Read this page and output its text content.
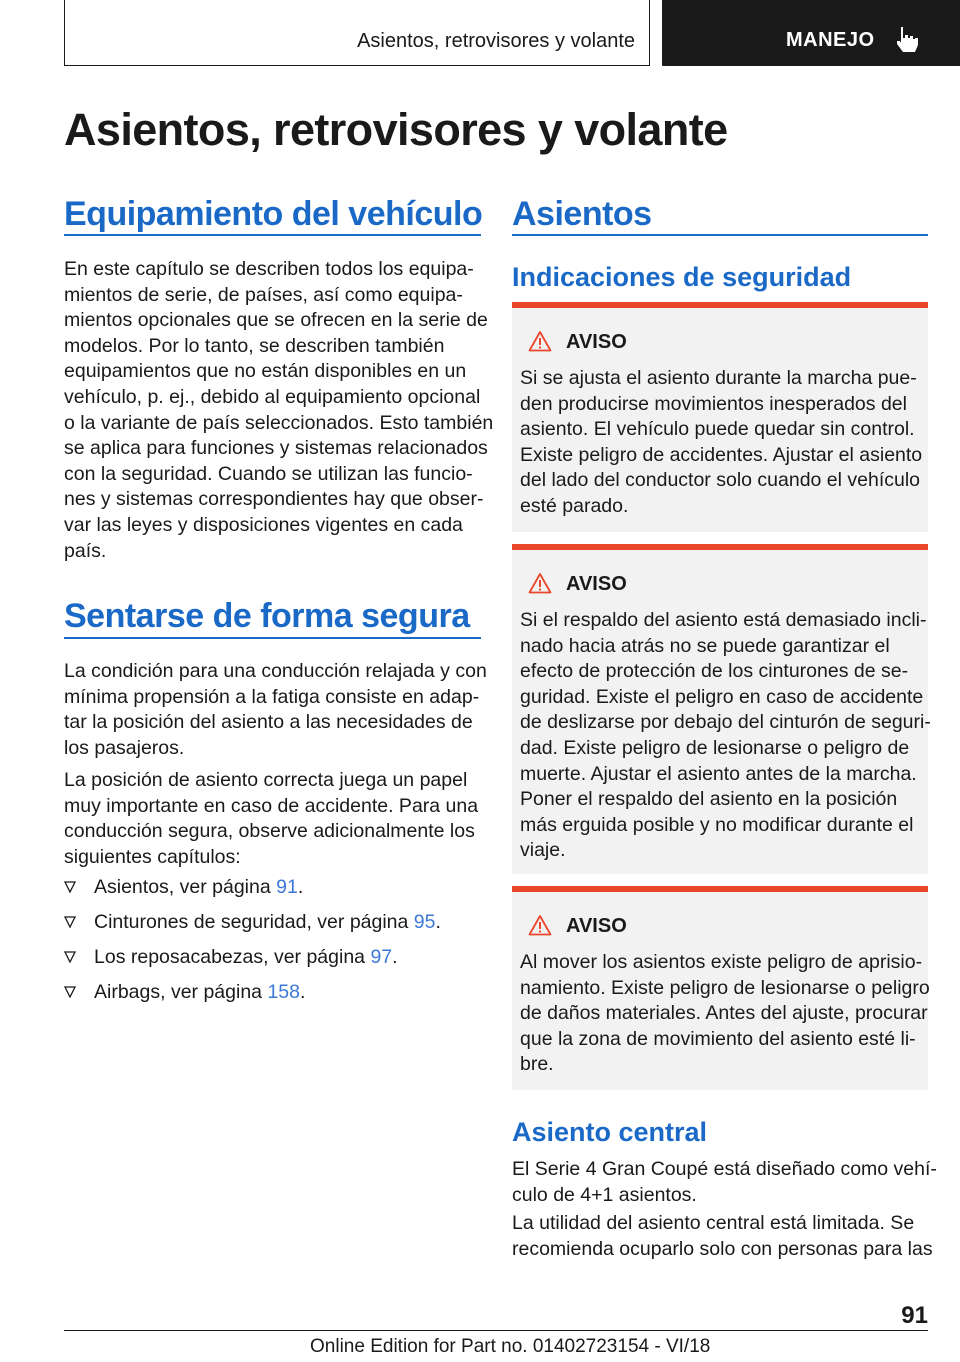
Asientos, retrovisores y volante	MANEJO
Asientos, retrovisores y volante
Equipamiento del vehículo
En este capítulo se describen todos los equipa‐
mientos de serie, de países, así como equipa‐
mientos opcionales que se ofrecen en la serie de
modelos. Por lo tanto, se describen también
equipamientos que no están disponibles en un
vehículo, p. ej., debido al equipamiento opcional
o la variante de país seleccionados. Esto también
se aplica para funciones y sistemas relacionados
con la seguridad. Cuando se utilizan las funcio‐
nes y sistemas correspondientes hay que obser‐
var las leyes y disposiciones vigentes en cada
país.
Sentarse de forma segura
La condición para una conducción relajada y con
mínima propensión a la fatiga consiste en adap‐
tar la posición del asiento a las necesidades de
los pasajeros.
La posición de asiento correcta juega un papel
muy importante en caso de accidente. Para una
conducción segura, observe adicionalmente los
siguientes capítulos:
Asientos, ver página 91.
Cinturones de seguridad, ver página 95.
Los reposacabezas, ver página 97.
Airbags, ver página 158.
Asientos
Indicaciones de seguridad
AVISO
Si se ajusta el asiento durante la marcha pue‐
den producirse movimientos inesperados del
asiento. El vehículo puede quedar sin control.
Existe peligro de accidentes. Ajustar el asiento
del lado del conductor solo cuando el vehículo
esté parado.
AVISO
Si el respaldo del asiento está demasiado incli‐
nado hacia atrás no se puede garantizar el
efecto de protección de los cinturones de se‐
guridad. Existe el peligro en caso de accidente
de deslizarse por debajo del cinturón de seguri‐
dad. Existe peligro de lesionarse o peligro de
muerte. Ajustar el asiento antes de la marcha.
Poner el respaldo del asiento en la posición
más erguida posible y no modificar durante el
viaje.
AVISO
Al mover los asientos existe peligro de aprisio‐
namiento. Existe peligro de lesionarse o peligro
de daños materiales. Antes del ajuste, procurar
que la zona de movimiento del asiento esté li‐
bre.
Asiento central
El Serie 4 Gran Coupé está diseñado como vehí‐
culo de 4+1 asientos.
La utilidad del asiento central está limitada. Se
recomienda ocuparlo solo con personas para las
91
Online Edition for Part no. 01402723154 - VI/18
